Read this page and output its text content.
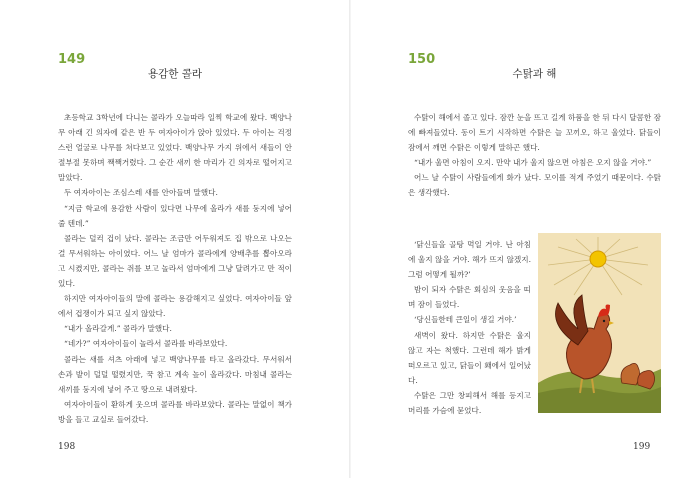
149
용감한 콜라

초등학교 3학년에 다니는 콜라가 오늘따라 일찍 학교에 왔다. 백양나무 아래 긴 의자에 같은 반 두 여자아이가 앉아 있었다. 두 아이는 걱정스런 얼굴로 나무를 쳐다보고 있었다. 백양나무 가지 위에서 새들이 안절부절 못하며 짹짹거렸다. 그 순간 새끼 한 마리가 긴 의자로 떨어지고 말았다.

두 여자아이는 조심스레 새를 안아들며 말했다.

“지금 학교에 용감한 사람이 있다면 나무에 올라가 새를 둥지에 넣어 줄 텐데.”

콜라는 덜컥 겁이 났다. 콜라는 조금만 어두워져도 집 밖으로 나오는 걸 무서워하는 아이였다. 어느 날 엄마가 콜라에게 양배추를 뽑아오라고 시켰지만, 콜라는 쥐를 보고 놀라서 엄마에게 그냥 달려가고 만 적이 있다.

하지만 여자아이들의 말에 콜라는 용감해지고 싶었다. 여자아이들 앞에서 겁쟁이가 되고 싶지 않았다.

“내가 올라갈게.” 콜라가 말했다.

“네가?” 여자아이들이 놀라서 콜라를 바라보았다.

콜라는 새를 셔츠 아래에 넣고 백양나무를 타고 올라갔다. 무서워서 손과 발이 덜덜 떨렸지만, 꾹 참고 계속 높이 올라갔다. 마침내 콜라는 새끼를 둥지에 넣어 주고 땅으로 내려왔다.

여자아이들이 환하게 웃으며 콜라를 바라보았다. 콜라는 말없이 책가방을 들고 교실로 들어갔다.

198
150
수탉과 해

수탉이 해에서 졸고 있다. 잠깐 눈을 뜨고 길게 하품을 한 뒤 다시 달콤한 잠에 빠져들었다. 동이 트기 시작하면 수탉은 늘 꼬끼오, 하고 울었다. 닭들이 잠에서 깨면 수탉은 이렇게 말하곤 했다.

“내가 울면 아침이 오지. 만약 내가 울지 않으면 아침은 오지 않을 거야.”

어느 날 수탉이 사람들에게 화가 났다. 모이를 적게 주었기 때문이다. 수탉은 생각했다.

‘닭신들을 골탕 먹일 거야. 난 아침에 울지 않을 거야. 해가 뜨지 않겠지. 그럼 어떻게 될까?’

밤이 되자 수탉은 회심의 웃음을 띠며 잠이 들었다.

‘당신들한테 큰일이 생길 거야.’

새벽이 왔다. 하지만 수탉은 울지 않고 자는 척했다. 그런데 해가 밝게 떠오르고 있고, 닭들이 홰에서 일어났다.

수탉은 그만 창피해서 해를 등지고 머리를 가슴에 묻었다.

199
